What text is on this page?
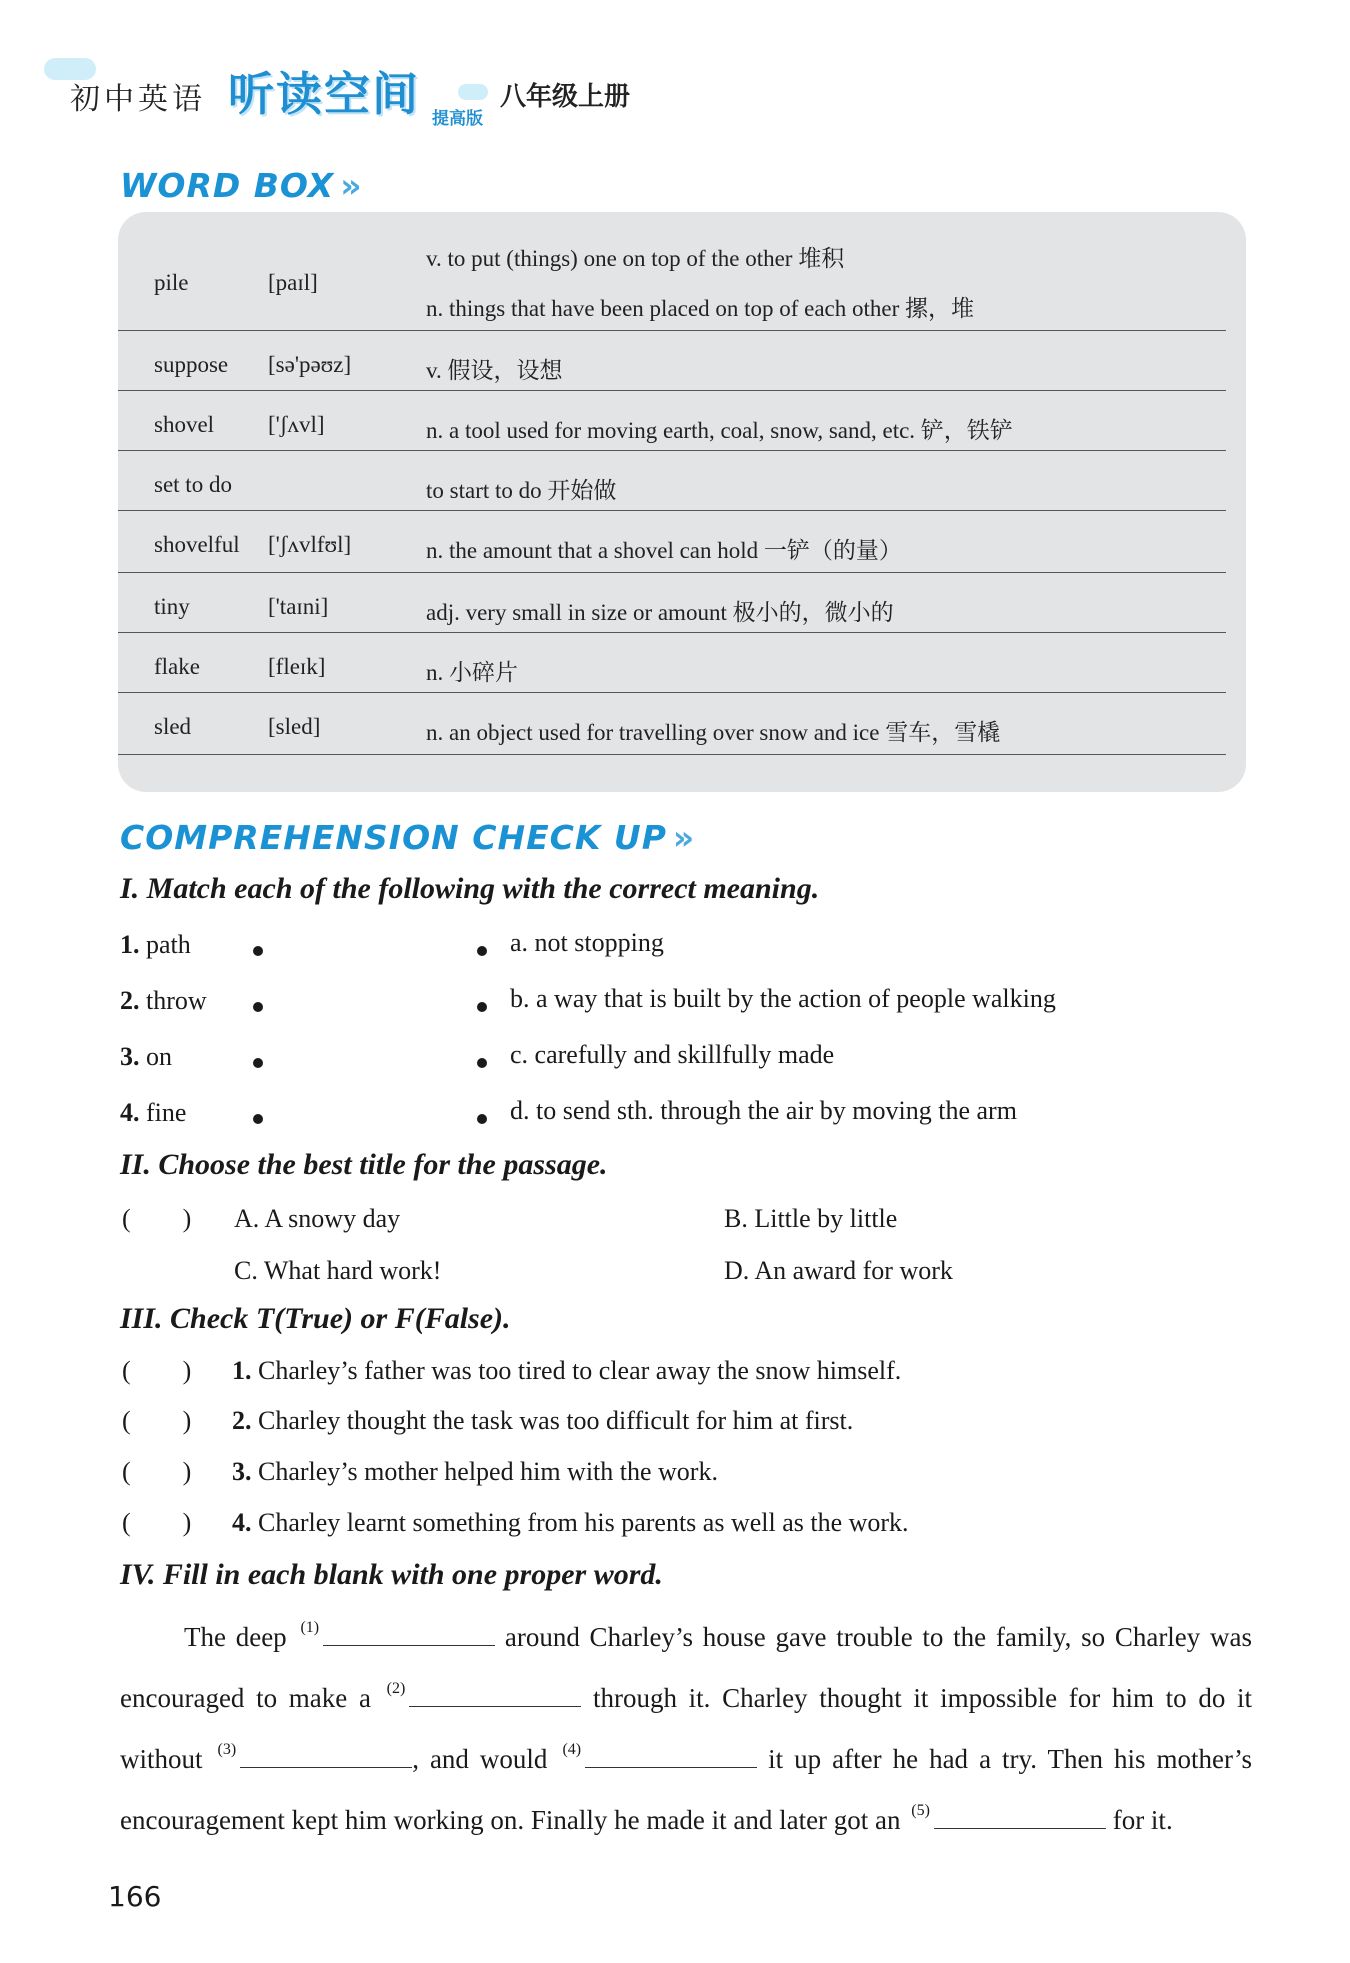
初中英语 听读空间 提高版
八年级上册
WORD BOX »
pile	[paɪl]
v. to put (things) one on top of the other 堆积
n. things that have been placed on top of each other 摞，堆
suppose [sə'pəʊz]	v. 假设，设想
shovel ['ʃʌvl]	n. a tool used for moving earth, coal, snow, sand, etc. 铲，铁铲
set to do	to start to do 开始做
shovelful ['ʃʌvlfʊl]	n. the amount that a shovel can hold 一铲（的量）
tiny	['taɪni]	adj. very small in size or amount 极小的，微小的
flake	[fleɪk]	n. 小碎片
sled	[sled]	n. an object used for travelling over snow and ice 雪车，雪橇
COMPREHENSION CHECK UP »
I. Match each of the following with the correct meaning.
1. path
2. throw
3. on
4. fine
a. not stopping
b. a way that is built by the action of people walking
c. carefully and skillfully made
d. to send sth. through the air by moving the arm
II. Choose the best title for the passage.
(        ) A. A snowy day	B. Little by little
C. What hard work!	D. An award for work
III. Check T(True) or F(False).
(        ) 1. Charley’s father was too tired to clear away the snow himself.
(        ) 2. Charley thought the task was too difficult for him at first.
(        ) 3. Charley’s mother helped him with the work.
(        ) 4. Charley learnt something from his parents as well as the work.
IV. Fill in each blank with one proper word.
The deep $^{(1)}$	around Charley’s house gave trouble to the family, so Charley was encouraged to make a $^{(2)}$	through it. Charley thought it impossible for him to do it without $^{(3)}$	, and would $^{(4)}$	it up after he had a try. Then his mother’s encouragement kept him working on. Finally he made it and later got an $^{(5)}$	for it.
166
